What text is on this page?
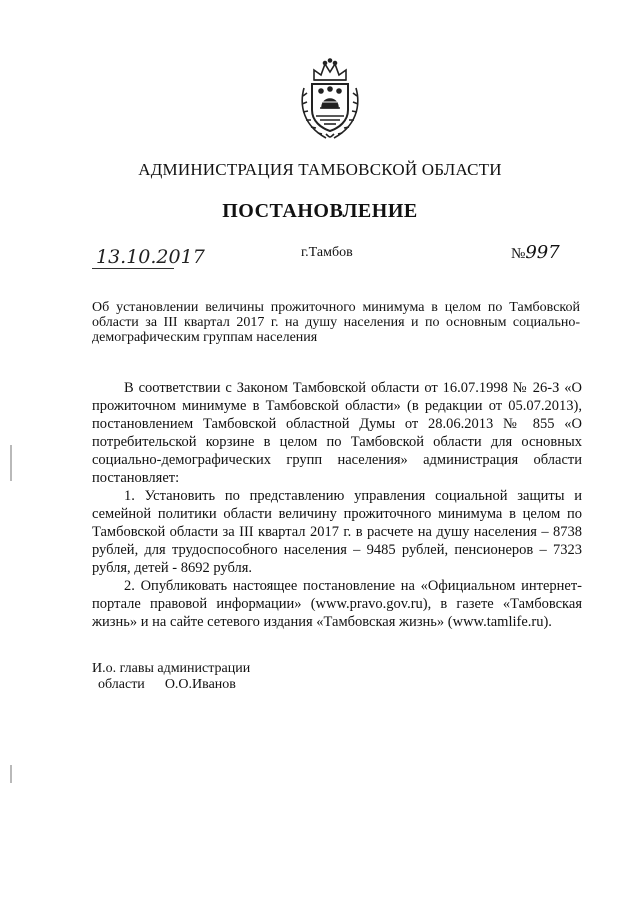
АДМИНИСТРАЦИЯ ТАМБОВСКОЙ ОБЛАСТИ
ПОСТАНОВЛЕНИЕ
13.10.2017	г.Тамбов	№997
Об установлении величины прожиточного минимума в целом по Тамбовской области за III квартал 2017 г. на душу населения и по основным социально-демографическим группам населения

В соответствии с Законом Тамбовской области от 16.07.1998 № 26-З «О прожиточном минимуме в Тамбовской области» (в редакции от 05.07.2013), постановлением Тамбовской областной Думы от 28.06.2013 № 855 «О потребительской корзине в целом по Тамбовской области для основных социально-демографических групп населения» администрация области постановляет:

1. Установить по представлению управления социальной защиты и семейной политики области величину прожиточного минимума в целом по Тамбовской области за III квартал 2017 г. в расчете на душу населения – 8738 рублей, для трудоспособного населения – 9485 рублей, пенсионеров – 7323 рубля, детей - 8692 рубля.

2. Опубликовать настоящее постановление на «Официальном интернет-портале правовой информации» (www.pravo.gov.ru), в газете «Тамбовская жизнь» и на сайте сетевого издания «Тамбовская жизнь» (www.tamlife.ru).

И.о. главы администрации
области О.О.Иванов
